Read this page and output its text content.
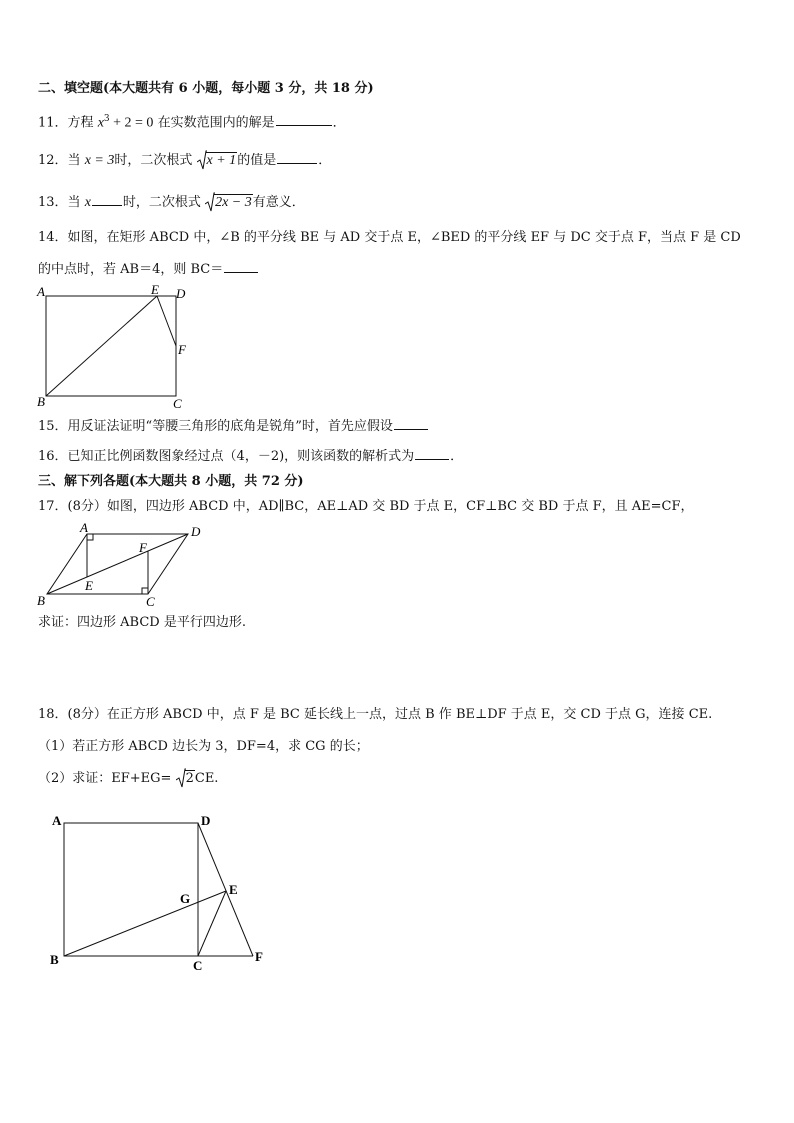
二、填空题(本大题共有 6 小题，每小题 3 分，共 18 分)
11．方程 $x^3 + 2 = 0$ 在实数范围内的解是	．
12．当 x = 3时，二次根式 x + 1的值是	．
13．当 x 时，二次根式 2x − 3有意义．
14．如图，在矩形 ABCD 中，∠B 的平分线 BE 与 AD 交于点 E，∠BED 的平分线 EF 与 DC 交于点 F，当点 F 是 CD
的中点时，若 AB＝4，则 BC＝
A
B	C
D
E
F
15．用反证法证明“等腰三角形的底角是锐角”时，首先应假设
16．已知正比例函数图象经过点（4，－2)，则该函数的解析式为	．
三、解下列各题(本大题共 8 小题，共 72 分)
17．(8分）如图，四边形 ABCD 中，AD∥BC，AE⊥AD 交 BD 于点 E，CF⊥BC 交 BD 于点 F，且 AE=CF，
A
B	C
D
E
F
求证：四边形 ABCD 是平行四边形.
18．(8分）在正方形 ABCD 中，点 F 是 BC 延长线上一点，过点 B 作 BE⊥DF 于点 E，交 CD 于点 G，连接 CE.
（1）若正方形 ABCD 边长为 3，DF=4，求 CG 的长；
（2）求证：EF+EG= 2CE.
A
B	C
D
E
F
G
